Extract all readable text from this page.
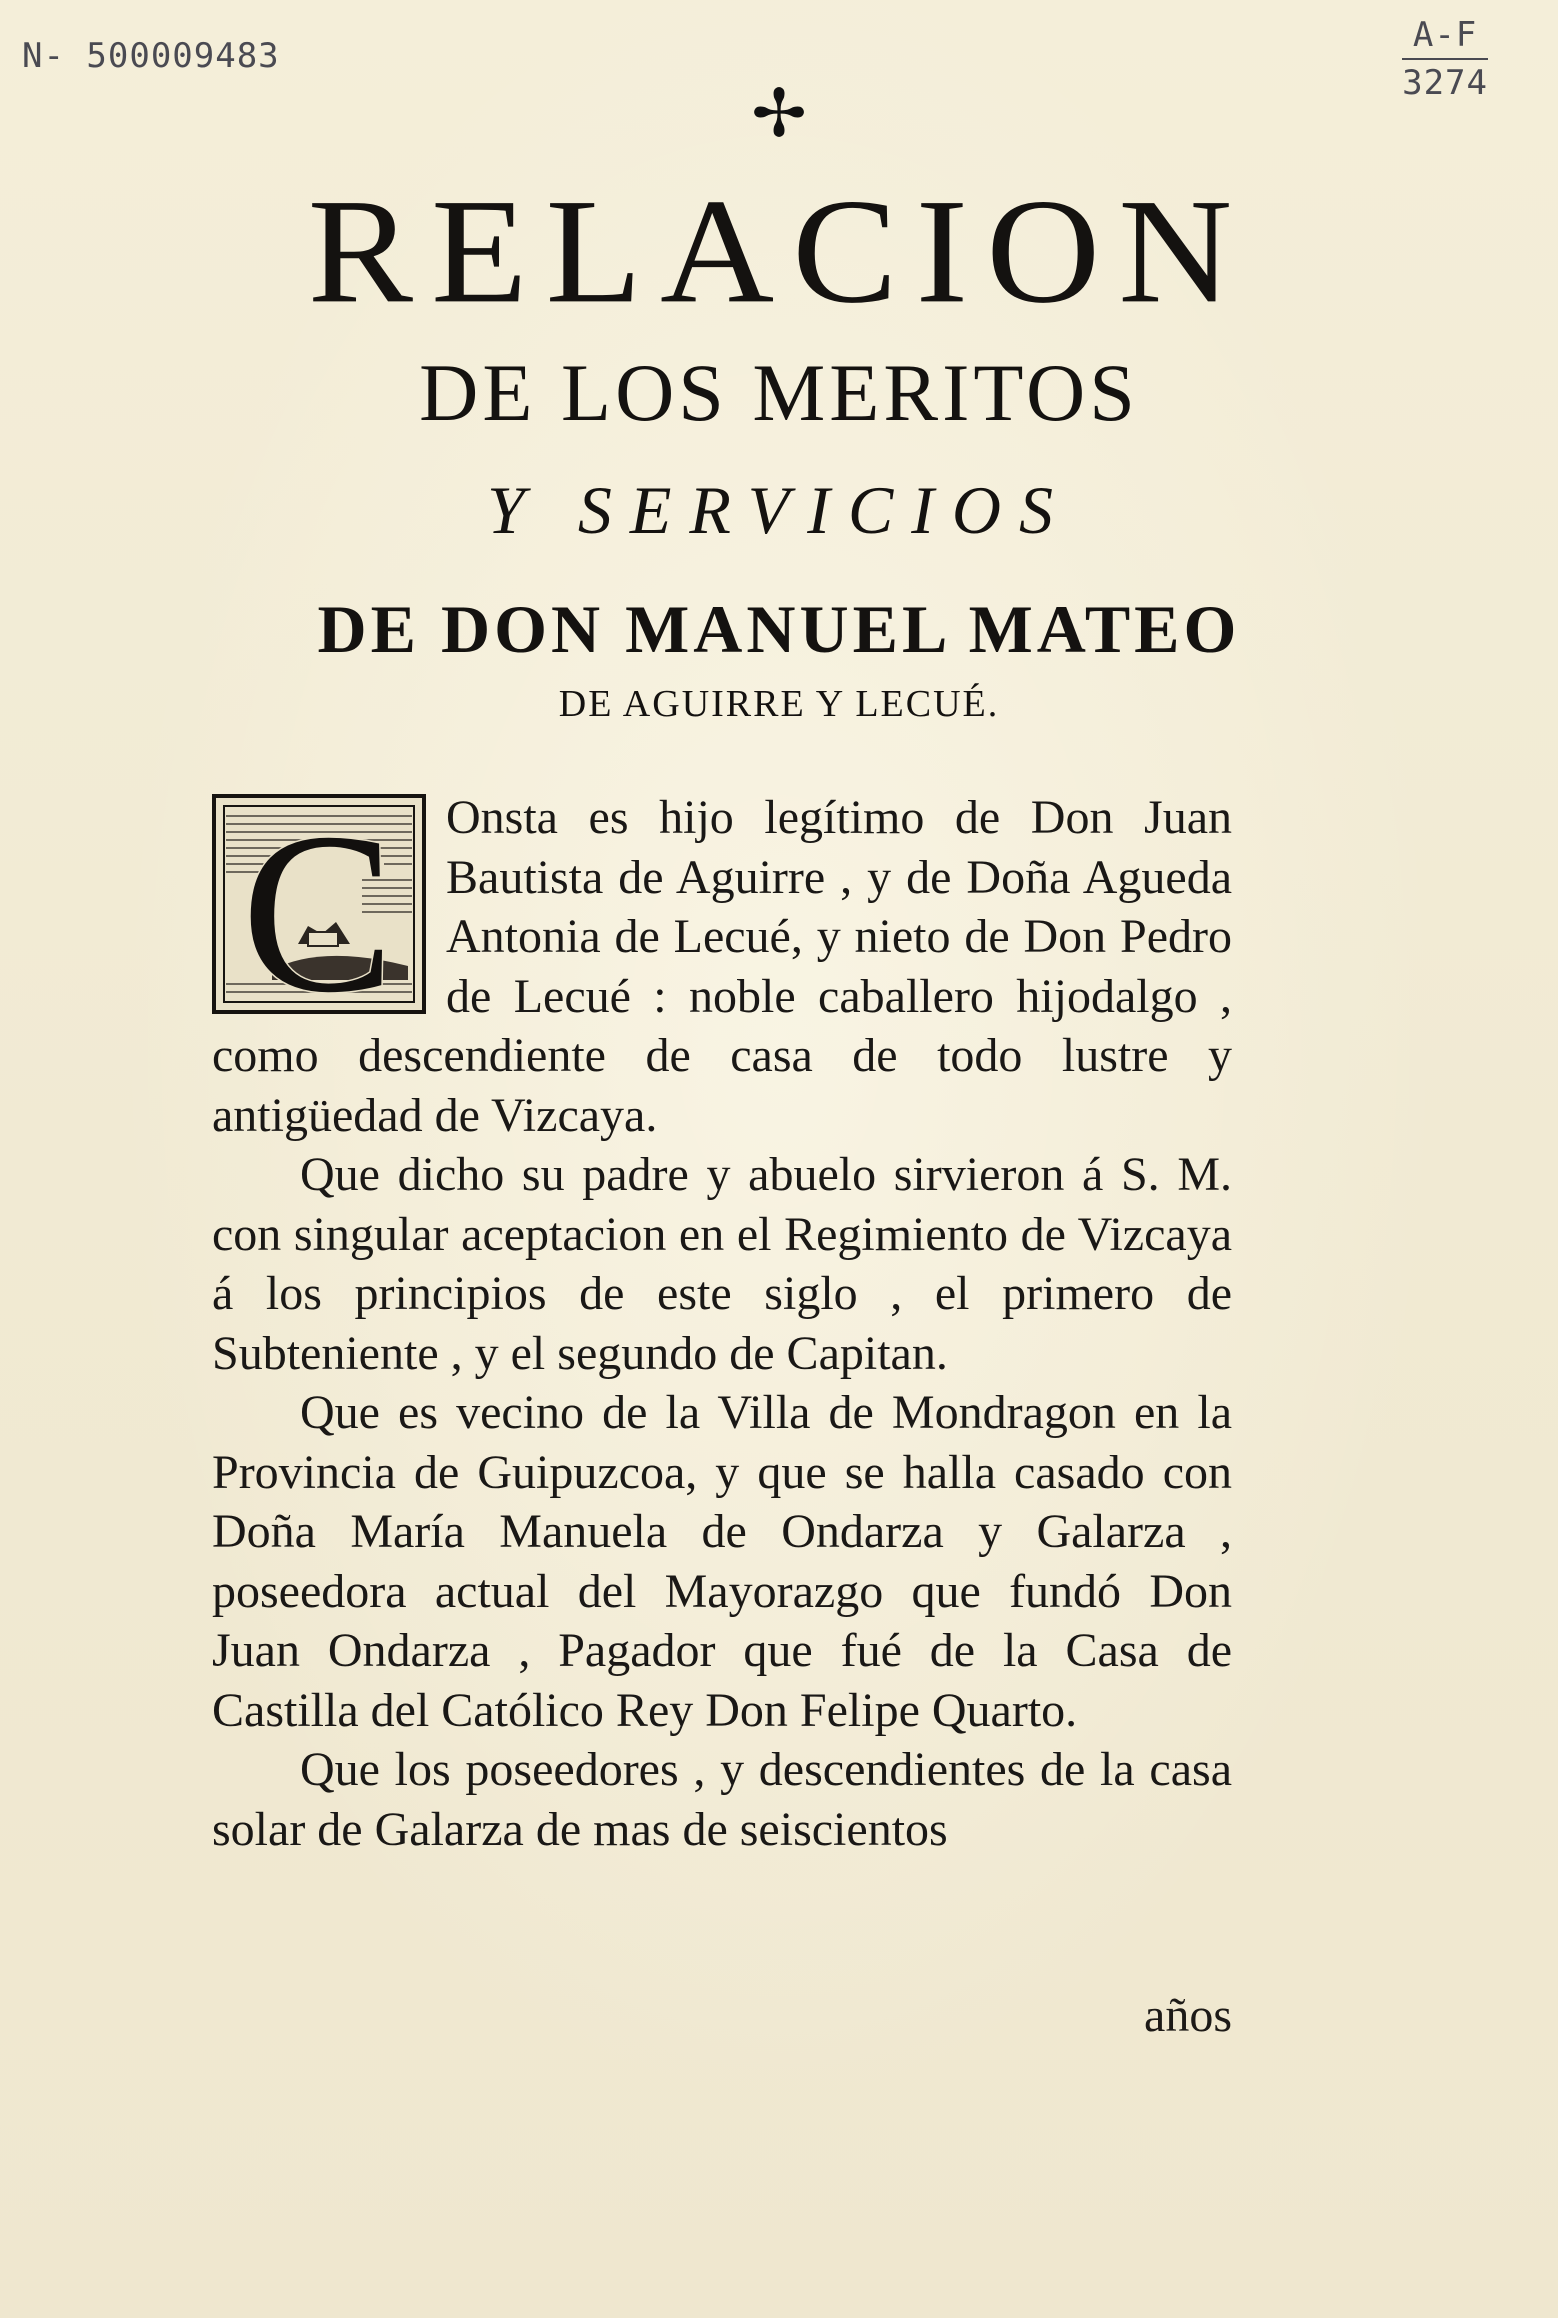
N- 500009483
A-F
3274
✢
RELACION
DE LOS MERITOS
Y SERVICIOS
DE DON MANUEL MATEO
DE AGUIRRE Y LECUÉ.

C Onsta es hijo legítimo de Don Juan Bautista de Aguirre , y de Doña Agueda Antonia de Lecué, y nieto de Don Pedro de Lecué : noble caballero hijodalgo , como descendiente de casa de todo lustre y antigüedad de Vizcaya.

Que dicho su padre y abuelo sirvieron á S. M. con singular aceptacion en el Regimiento de Vizcaya á los principios de este siglo , el primero de Subteniente , y el segundo de Capitan.

Que es vecino de la Villa de Mondragon en la Provincia de Guipuzcoa, y que se halla casado con Doña María Manuela de Ondarza y Galarza , poseedora actual del Mayorazgo que fundó Don Juan Ondarza , Pagador que fué de la Casa de Castilla del Católico Rey Don Felipe Quarto.

Que los poseedores , y descendientes de la casa solar de Galarza de mas de seiscientos

años
